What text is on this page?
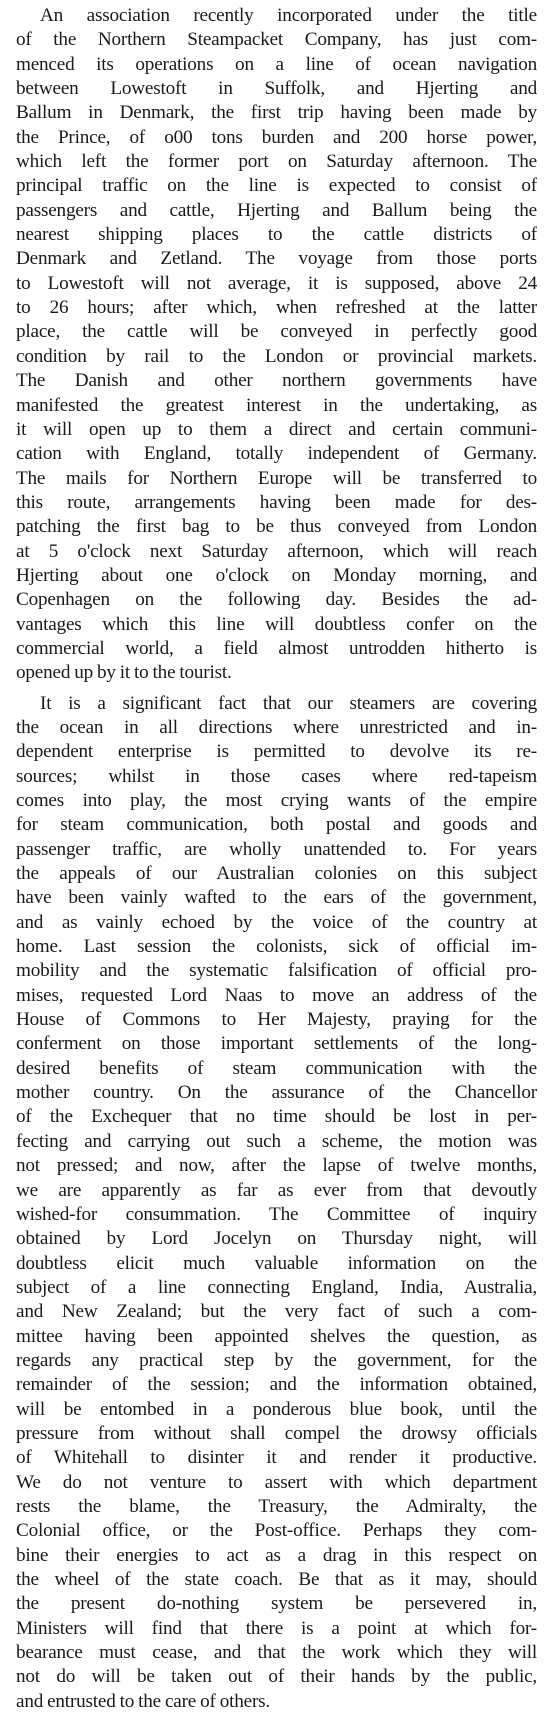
An association recently incorporated under the title
of the Northern Steampacket Company, has just com-
menced its operations on a line of ocean navigation
between Lowestoft in Suffolk, and Hjerting and
Ballum in Denmark, the first trip having been made by
the Prince, of o00 tons burden and 200 horse power,
which left the former port on Saturday afternoon. The
principal traffic on the line is expected to consist of
passengers and cattle, Hjerting and Ballum being the
nearest shipping places to the cattle districts of
Denmark and Zetland. The voyage from those ports
to Lowestoft will not average, it is supposed, above 24
to 26 hours; after which, when refreshed at the latter
place, the cattle will be conveyed in perfectly good
condition by rail to the London or provincial markets.
The Danish and other northern governments have
manifested the greatest interest in the undertaking, as
it will open up to them a direct and certain communi-
cation with England, totally independent of Germany.
The mails for Northern Europe will be transferred to
this route, arrangements having been made for des-
patching the first bag to be thus conveyed from London
at 5 o'clock next Saturday afternoon, which will reach
Hjerting about one o'clock on Monday morning, and
Copenhagen on the following day. Besides the ad-
vantages which this line will doubtless confer on the
commercial world, a field almost untrodden hitherto is
opened up by it to the tourist.
It is a significant fact that our steamers are covering
the ocean in all directions where unrestricted and in-
dependent enterprise is permitted to devolve its re-
sources; whilst in those cases where red-tapeism
comes into play, the most crying wants of the empire
for steam communication, both postal and goods and
passenger traffic, are wholly unattended to. For years
the appeals of our Australian colonies on this subject
have been vainly wafted to the ears of the government,
and as vainly echoed by the voice of the country at
home. Last session the colonists, sick of official im-
mobility and the systematic falsification of official pro-
mises, requested Lord Naas to move an address of the
House of Commons to Her Majesty, praying for the
conferment on those important settlements of the long-
desired benefits of steam communication with the
mother country. On the assurance of the Chancellor
of the Exchequer that no time should be lost in per-
fecting and carrying out such a scheme, the motion was
not pressed; and now, after the lapse of twelve months,
we are apparently as far as ever from that devoutly
wished-for consummation. The Committee of inquiry
obtained by Lord Jocelyn on Thursday night, will
doubtless elicit much valuable information on the
subject of a line connecting England, India, Australia,
and New Zealand; but the very fact of such a com-
mittee having been appointed shelves the question, as
regards any practical step by the government, for the
remainder of the session; and the information obtained,
will be entombed in a ponderous blue book, until the
pressure from without shall compel the drowsy officials
of Whitehall to disinter it and render it productive.
We do not venture to assert with which department
rests the blame, the Treasury, the Admiralty, the
Colonial office, or the Post-office. Perhaps they com-
bine their energies to act as a drag in this respect on
the wheel of the state coach. Be that as it may, should
the present do-nothing system be persevered in,
Ministers will find that there is a point at which for-
bearance must cease, and that the work which they will
not do will be taken out of their hands by the public,
and entrusted to the care of others.
